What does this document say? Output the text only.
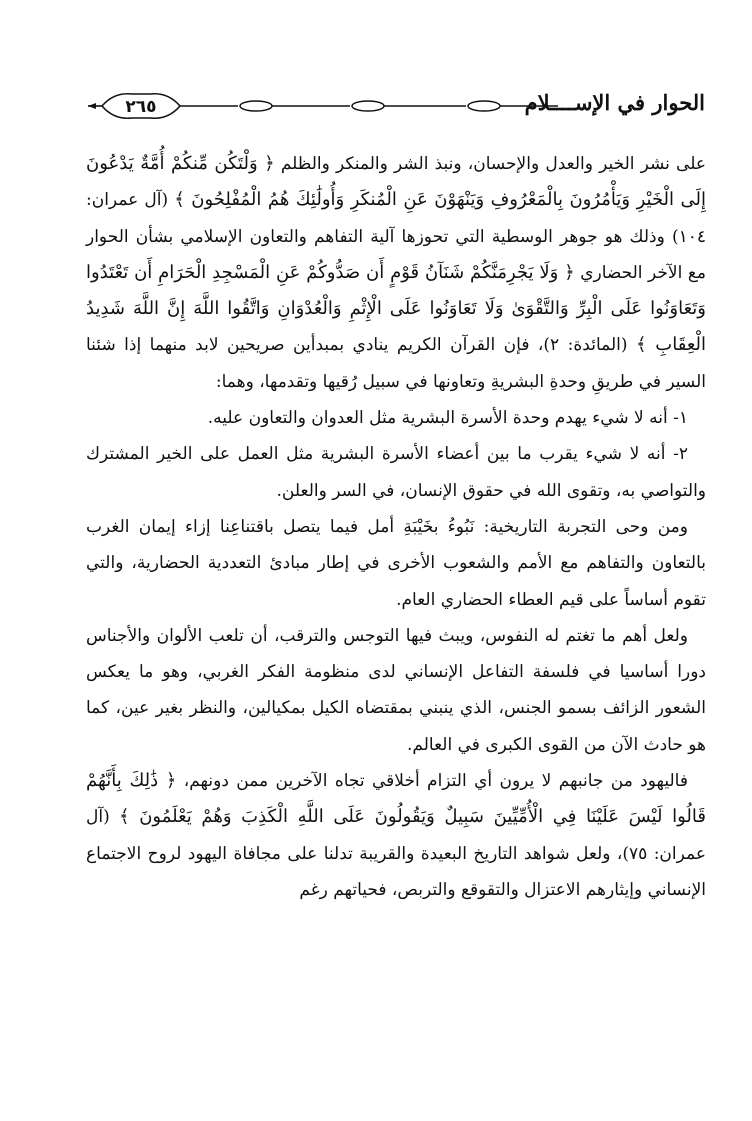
الحوار في الإســــلام
٢٦٥

على نشر الخير والعدل والإحسان، ونبذ الشر والمنكر والظلم ﴿ وَلْتَكُن مِّنكُمْ أُمَّةٌ يَدْعُونَ إِلَى الْخَيْرِ وَيَأْمُرُونَ بِالْمَعْرُوفِ وَيَنْهَوْنَ عَنِ الْمُنكَرِ وَأُولَٰئِكَ هُمُ الْمُفْلِحُونَ ﴾ (آل عمران: ١٠٤) وذلك هو جوهر الوسطية التي تحوزها آلية التفاهم والتعاون الإسلامي بشأن الحوار مع الآخر الحضاري ﴿ وَلَا يَجْرِمَنَّكُمْ شَنَآنُ قَوْمٍ أَن صَدُّوكُمْ عَنِ الْمَسْجِدِ الْحَرَامِ أَن تَعْتَدُوا وَتَعَاوَنُوا عَلَى الْبِرِّ وَالتَّقْوَىٰ وَلَا تَعَاوَنُوا عَلَى الْإِثْمِ وَالْعُدْوَانِ وَاتَّقُوا اللَّهَ إِنَّ اللَّهَ شَدِيدُ الْعِقَابِ ﴾ (المائدة: ٢)، فإن القرآن الكريم ينادي بمبدأين صريحين لابد منهما إذا شئنا السير في طريقِ وحدةِ البشريةِ وتعاونها في سبيل رُقيها وتقدمها، وهما:

١- أنه لا شيء يهدم وحدة الأسرة البشرية مثل العدوان والتعاون عليه.

٢- أنه لا شيء يقرب ما بين أعضاء الأسرة البشرية مثل العمل على الخير المشترك والتواصي به، وتقوى الله في حقوق الإنسان، في السر والعلن.

ومن وحى التجربة التاريخية: نَبُوءُ بخَيْبَةِ أمل فيما يتصل باقتناعِنا إزاء إيمان الغرب بالتعاون والتفاهم مع الأمم والشعوب الأخرى في إطار مبادئ التعددية الحضارية، والتي تقوم أساساً على قيم العطاء الحضاري العام.

ولعل أهم ما تغتم له النفوس، ويبث فيها التوجس والترقب، أن تلعب الألوان والأجناس دورا أساسيا في فلسفة التفاعل الإنساني لدى منظومة الفكر الغربي، وهو ما يعكس الشعور الزائف بسمو الجنس، الذي ينبني بمقتضاه الكيل بمكيالين، والنظر بغير عين، كما هو حادث الآن من القوى الكبرى في العالم.

فاليهود من جانبهم لا يرون أي التزام أخلاقي تجاه الآخرين ممن دونهم، ﴿ ذَٰلِكَ بِأَنَّهُمْ قَالُوا لَيْسَ عَلَيْنَا فِي الْأُمِّيِّينَ سَبِيلٌ وَيَقُولُونَ عَلَى اللَّهِ الْكَذِبَ وَهُمْ يَعْلَمُونَ ﴾ (آل عمران: ٧٥)، ولعل شواهد التاريخ البعيدة والقريبة تدلنا على مجافاة اليهود لروح الاجتماع الإنساني وإيثارهم الاعتزال والتقوقع والتربص، فحياتهم رغم
